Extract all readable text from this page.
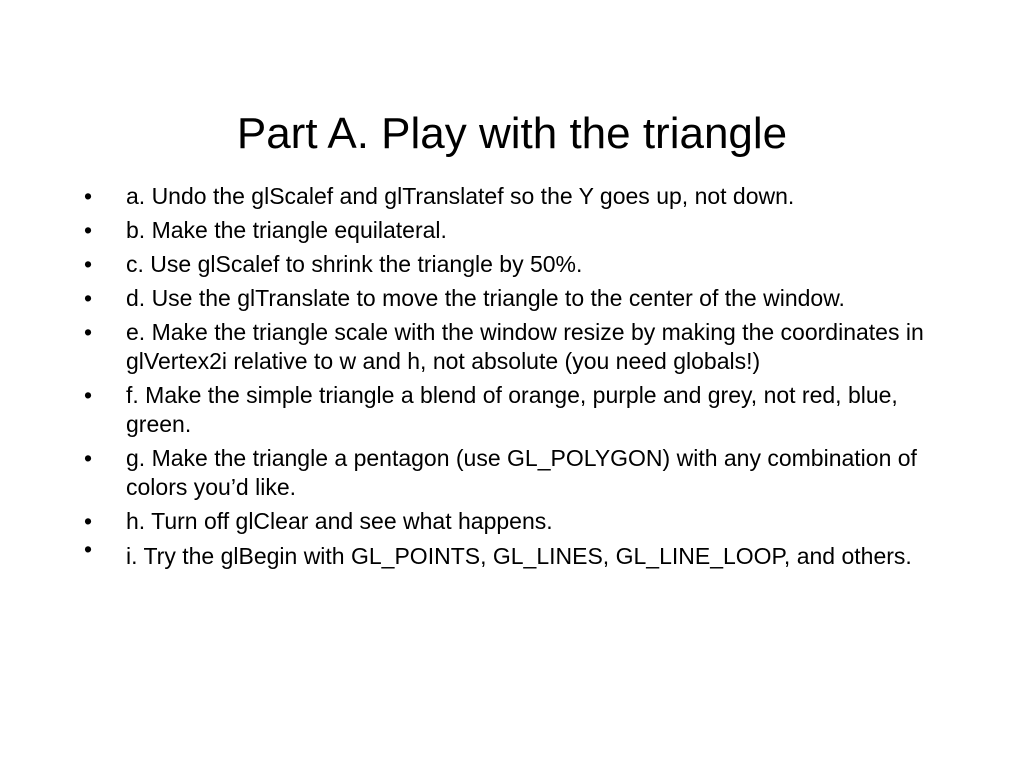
Part A. Play with the triangle
•	a. Undo the glScalef and glTranslatef so the Y goes up, not down.
•	b. Make the triangle equilateral.
•	c. Use glScalef to shrink the triangle by 50%.
•	d. Use the glTranslate to move the triangle to the center of the window.
•	e. Make the triangle scale with the window resize by making the coordinates in glVertex2i relative to w and h, not absolute (you need globals!)
•	f. Make the simple triangle a blend of orange, purple and grey, not red, blue, green.
•	g. Make the triangle a pentagon (use GL_POLYGON) with any combination of colors you’d like.
•	h. Turn off glClear and see what happens.
•	i. Try the glBegin with GL_POINTS, GL_LINES, GL_LINE_LOOP, and others.
